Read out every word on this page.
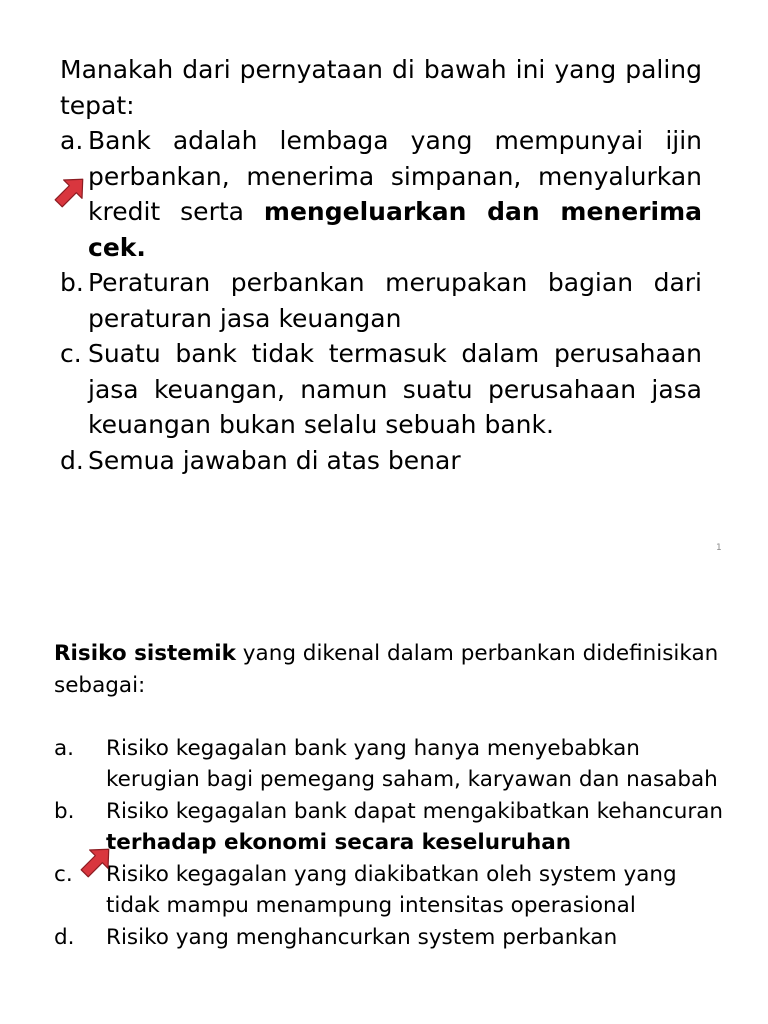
Manakah dari pernyataan di bawah ini yang paling tepat:
a. Bank adalah lembaga yang mempunyai ijin perbankan, menerima simpanan, menyalurkan kredit serta mengeluarkan dan menerima cek.
b. Peraturan perbankan merupakan bagian dari peraturan jasa keuangan
c. Suatu bank tidak termasuk dalam perusahaan jasa keuangan, namun suatu perusahaan jasa keuangan bukan selalu sebuah bank.
d. Semua jawaban di atas benar
1
Risiko sistemik yang dikenal dalam perbankan didefinisikan sebagai:
a.	Risiko kegagalan bank yang hanya menyebabkan kerugian bagi pemegang saham, karyawan dan nasabah
b.	Risiko kegagalan bank dapat mengakibatkan kehancuran terhadap ekonomi secara keseluruhan
c.	Risiko kegagalan yang diakibatkan oleh system yang tidak mampu menampung intensitas operasional
d.	Risiko yang menghancurkan system perbankan
